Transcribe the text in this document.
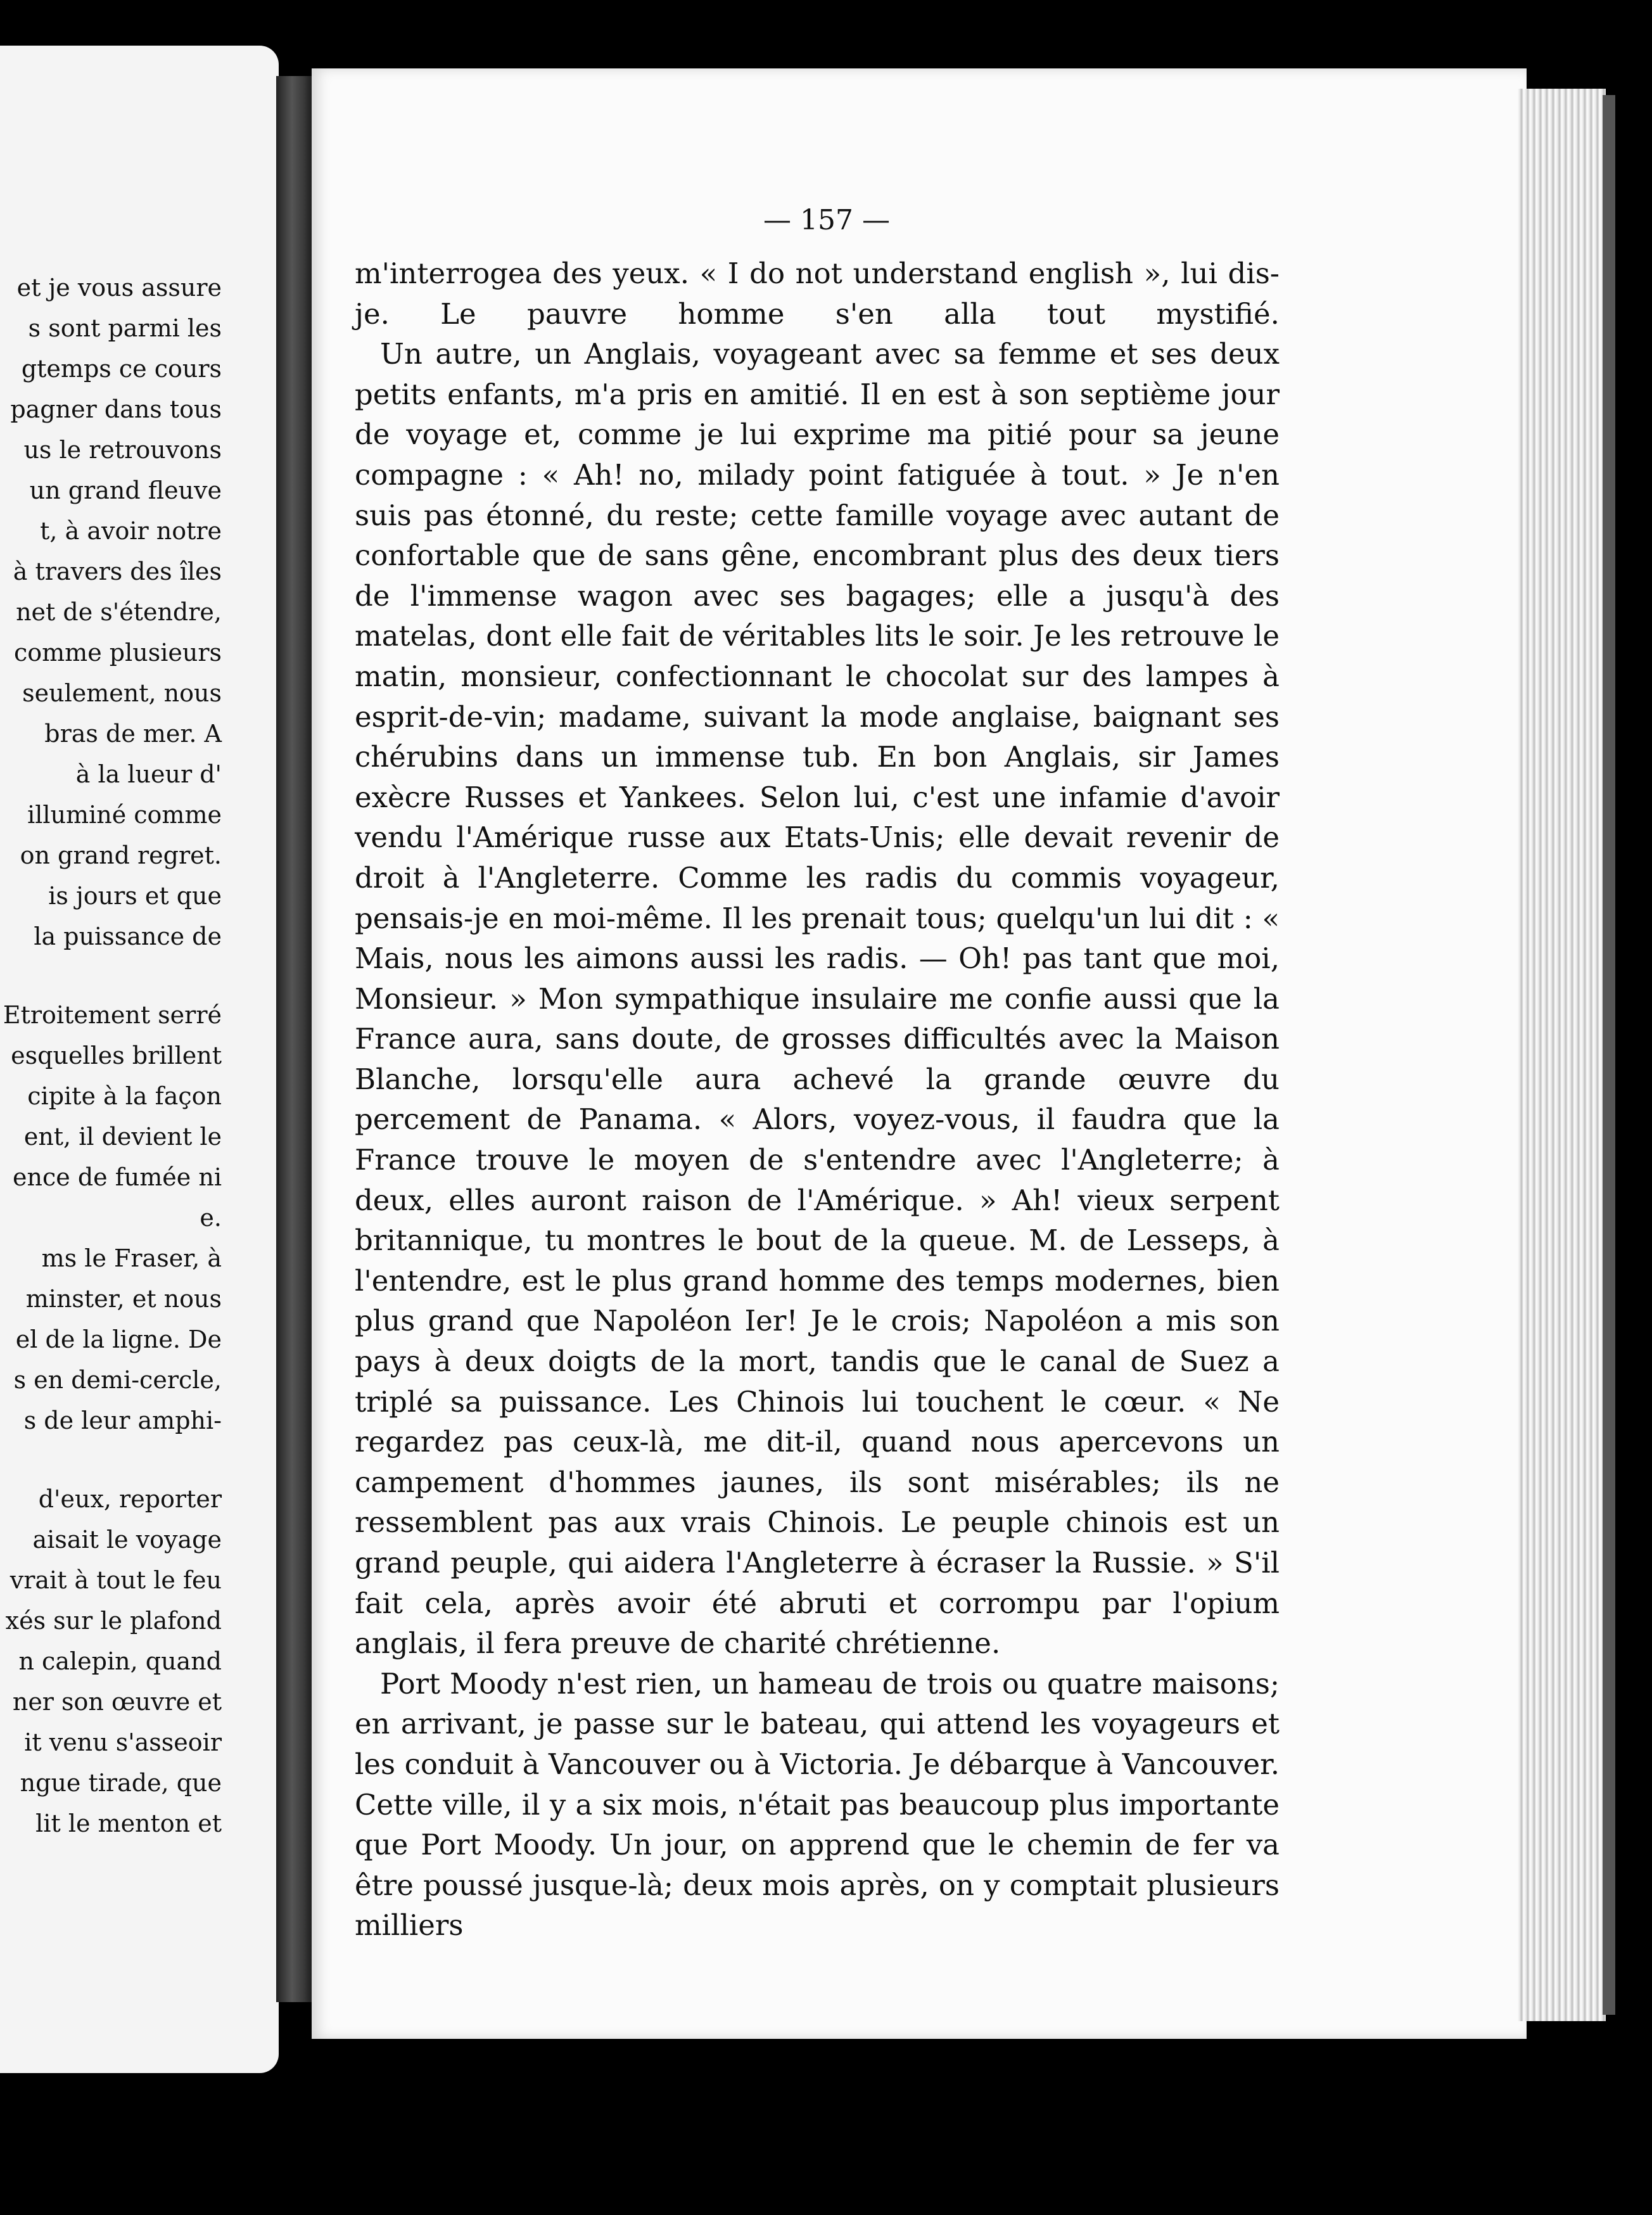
et je vous assure
s sont parmi les
gtemps ce cours
pagner dans tous
us le retrouvons
un grand fleuve
t, à avoir notre
à travers des îles
net de s'étendre,
comme plusieurs
seulement, nous
bras de mer. A
à la lueur d'
illuminé comme
on grand regret.
is jours et que
la puissance de
Etroitement serré
esquelles brillent
cipite à la façon
ent, il devient le
ence de fumée ni
e.
ms le Fraser, à
minster, et nous
el de la ligne. De
s en demi-cercle,
s de leur amphi-
d'eux, reporter
aisait le voyage
vrait à tout le feu
xés sur le plafond
n calepin, quand
ner son œuvre et
it venu s'asseoir
ngue tirade, que
lit le menton et
— 157 —

m'interrogea des yeux. « I do not understand english », lui dis-je. Le pauvre homme s'en alla tout mystifié.

Un autre, un Anglais, voyageant avec sa femme et ses deux petits enfants, m'a pris en amitié. Il en est à son septième jour de voyage et, comme je lui exprime ma pitié pour sa jeune compagne : « Ah! no, milady point fatiguée à tout. » Je n'en suis pas étonné, du reste; cette famille voyage avec autant de confortable que de sans gêne, encombrant plus des deux tiers de l'immense wagon avec ses bagages; elle a jusqu'à des matelas, dont elle fait de véritables lits le soir. Je les retrouve le matin, monsieur, confectionnant le chocolat sur des lampes à esprit-de-vin; madame, suivant la mode anglaise, baignant ses chérubins dans un immense tub. En bon Anglais, sir James exècre Russes et Yankees. Selon lui, c'est une infamie d'avoir vendu l'Amérique russe aux Etats-Unis; elle devait revenir de droit à l'Angleterre. Comme les radis du commis voyageur, pensais-je en moi-même. Il les prenait tous; quelqu'un lui dit : « Mais, nous les aimons aussi les radis. — Oh! pas tant que moi, Monsieur. » Mon sympathique insulaire me confie aussi que la France aura, sans doute, de grosses difficultés avec la Maison Blanche, lorsqu'elle aura achevé la grande œuvre du percement de Panama. « Alors, voyez-vous, il faudra que la France trouve le moyen de s'entendre avec l'Angleterre; à deux, elles auront raison de l'Amérique. » Ah! vieux serpent britannique, tu montres le bout de la queue. M. de Lesseps, à l'entendre, est le plus grand homme des temps modernes, bien plus grand que Napoléon Ier! Je le crois; Napoléon a mis son pays à deux doigts de la mort, tandis que le canal de Suez a triplé sa puissance. Les Chinois lui touchent le cœur. « Ne regardez pas ceux-là, me dit-il, quand nous apercevons un campement d'hommes jaunes, ils sont misérables; ils ne ressemblent pas aux vrais Chinois. Le peuple chinois est un grand peuple, qui aidera l'Angleterre à écraser la Russie. » S'il fait cela, après avoir été abruti et corrompu par l'opium anglais, il fera preuve de charité chrétienne.

Port Moody n'est rien, un hameau de trois ou quatre maisons; en arrivant, je passe sur le bateau, qui attend les voyageurs et les conduit à Vancouver ou à Victoria. Je débarque à Vancouver. Cette ville, il y a six mois, n'était pas beaucoup plus importante que Port Moody. Un jour, on apprend que le chemin de fer va être poussé jusque-là; deux mois après, on y comptait plusieurs milliers
